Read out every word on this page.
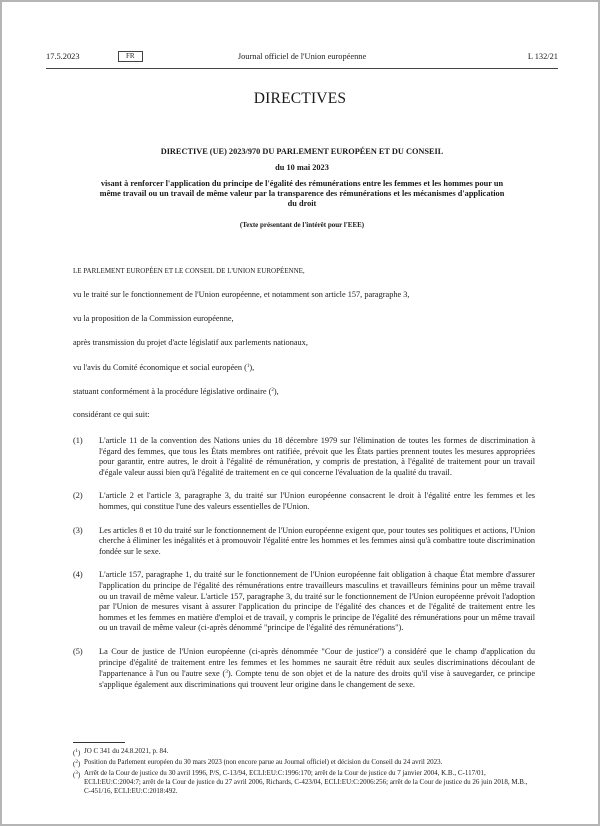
17.5.2023	FR	Journal officiel de l'Union européenne	L 132/21
DIRECTIVES
DIRECTIVE (UE) 2023/970 DU PARLEMENT EUROPÉEN ET DU CONSEIL
du 10 mai 2023
visant à renforcer l'application du principe de l'égalité des rémunérations entre les femmes et les hommes pour un même travail ou un travail de même valeur par la transparence des rémunérations et les mécanismes d'application du droit
(Texte présentant de l'intérêt pour l'EEE)
LE PARLEMENT EUROPÉEN ET LE CONSEIL DE L'UNION EUROPÉENNE,
vu le traité sur le fonctionnement de l'Union européenne, et notamment son article 157, paragraphe 3,
vu la proposition de la Commission européenne,
après transmission du projet d'acte législatif aux parlements nationaux,
vu l'avis du Comité économique et social européen ($^1$),
statuant conformément à la procédure législative ordinaire ($^2$),
considérant ce qui suit:
(1)	L'article 11 de la convention des Nations unies du 18 décembre 1979 sur l'élimination de toutes les formes de discrimination à l'égard des femmes, que tous les États membres ont ratifiée, prévoit que les États parties prennent toutes les mesures appropriées pour garantir, entre autres, le droit à l'égalité de rémunération, y compris de prestation, à l'égalité de traitement pour un travail d'égale valeur aussi bien qu'à l'égalité de traitement en ce qui concerne l'évaluation de la qualité du travail.
(2)	L'article 2 et l'article 3, paragraphe 3, du traité sur l'Union européenne consacrent le droit à l'égalité entre les femmes et les hommes, qui constitue l'une des valeurs essentielles de l'Union.
(3)	Les articles 8 et 10 du traité sur le fonctionnement de l'Union européenne exigent que, pour toutes ses politiques et actions, l'Union cherche à éliminer les inégalités et à promouvoir l'égalité entre les hommes et les femmes ainsi qu'à combattre toute discrimination fondée sur le sexe.
(4)	L'article 157, paragraphe 1, du traité sur le fonctionnement de l'Union européenne fait obligation à chaque État membre d'assurer l'application du principe de l'égalité des rémunérations entre travailleurs masculins et travailleurs féminins pour un même travail ou un travail de même valeur. L'article 157, paragraphe 3, du traité sur le fonctionnement de l'Union européenne prévoit l'adoption par l'Union de mesures visant à assurer l'application du principe de l'égalité des chances et de l'égalité de traitement entre les hommes et les femmes en matière d'emploi et de travail, y compris le principe de l'égalité des rémunérations pour un même travail ou un travail de même valeur (ci-après dénommé "principe de l'égalité des rémunérations").
(5)	La Cour de justice de l'Union européenne (ci-après dénommée "Cour de justice") a considéré que le champ d'application du principe d'égalité de traitement entre les femmes et les hommes ne saurait être réduit aux seules discriminations découlant de l'appartenance à l'un ou l'autre sexe ($^3$). Compte tenu de son objet et de la nature des droits qu'il vise à sauvegarder, ce principe s'applique également aux discriminations qui trouvent leur origine dans le changement de sexe.
($^1$) JO C 341 du 24.8.2021, p. 84.
($^2$) Position du Parlement européen du 30 mars 2023 (non encore parue au Journal officiel) et décision du Conseil du 24 avril 2023.
($^3$) Arrêt de la Cour de justice du 30 avril 1996, P/S, C-13/94, ECLI:EU:C:1996:170; arrêt de la Cour de justice du 7 janvier 2004, K.B., C-117/01, ECLI:EU:C:2004:7; arrêt de la Cour de justice du 27 avril 2006, Richards, C-423/04, ECLI:EU:C:2006:256; arrêt de la Cour de justice du 26 juin 2018, M.B., C-451/16, ECLI:EU:C:2018:492.
